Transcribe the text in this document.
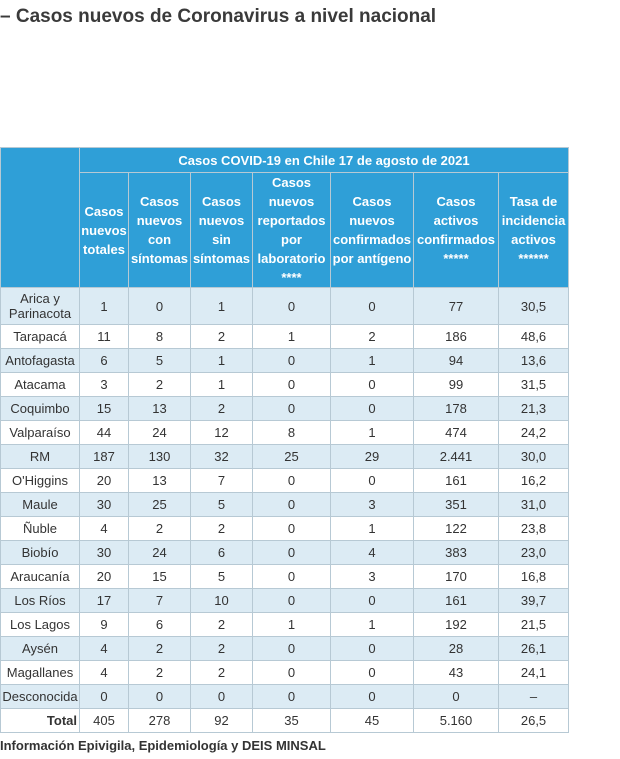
– Casos nuevos de Coronavirus a nivel nacional
	Casos COVID-19 en Chile 17 de agosto de 2021						
	Casos nuevos totales	Casos nuevos con síntomas	Casos nuevos sin síntomas	Casos nuevos reportados por laboratorio ****	Casos nuevos confirmados por antígeno	Casos activos confirmados *****	Tasa de incidencia activos ******
Arica y Parinacota	1	0	1	0	0	77	30,5
Tarapacá	11	8	2	1	2	186	48,6
Antofagasta	6	5	1	0	1	94	13,6
Atacama	3	2	1	0	0	99	31,5
Coquimbo	15	13	2	0	0	178	21,3
Valparaíso	44	24	12	8	1	474	24,2
RM	187	130	32	25	29	2.441	30,0
O'Higgins	20	13	7	0	0	161	16,2
Maule	30	25	5	0	3	351	31,0
Ñuble	4	2	2	0	1	122	23,8
Biobío	30	24	6	0	4	383	23,0
Araucanía	20	15	5	0	3	170	16,8
Los Ríos	17	7	10	0	0	161	39,7
Los Lagos	9	6	2	1	1	192	21,5
Aysén	4	2	2	0	0	28	26,1
Magallanes	4	2	2	0	0	43	24,1
Desconocida	0	0	0	0	0	0	–
Total	405	278	92	35	45	5.160	26,5

Información Epivigila, Epidemiología y DEIS MINSAL
